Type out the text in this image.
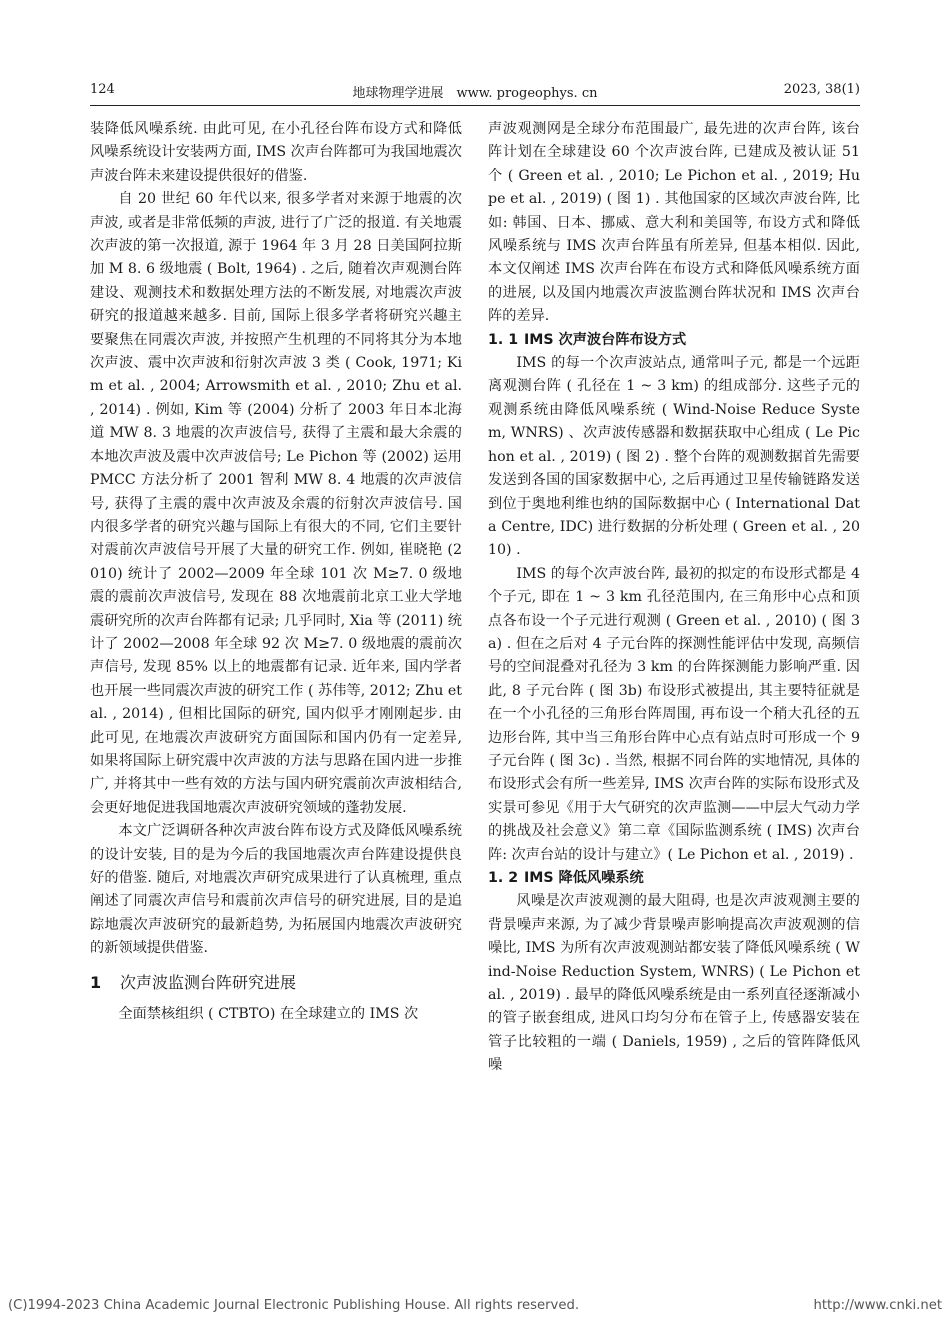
124	地球物理学进展　www. progeophys. cn	2023, 38(1)

装降低风噪系统. 由此可见, 在小孔径台阵布设方式和降低风噪系统设计安装两方面, IMS 次声台阵都可为我国地震次声波台阵未来建设提供很好的借鉴.

自 20 世纪 60 年代以来, 很多学者对来源于地震的次声波, 或者是非常低频的声波, 进行了广泛的报道. 有关地震次声波的第一次报道, 源于 1964 年 3 月 28 日美国阿拉斯加 M 8. 6 级地震 ( Bolt, 1964) . 之后, 随着次声观测台阵建设、观测技术和数据处理方法的不断发展, 对地震次声波研究的报道越来越多. 目前, 国际上很多学者将研究兴趣主要聚焦在同震次声波, 并按照产生机理的不同将其分为本地次声波、震中次声波和衍射次声波 3 类 ( Cook, 1971; Kim et al. , 2004; Arrowsmith et al. , 2010; Zhu et al. , 2014) . 例如, Kim 等 (2004) 分析了 2003 年日本北海道 MW 8. 3 地震的次声波信号, 获得了主震和最大余震的本地次声波及震中次声波信号; Le Pichon 等 (2002) 运用 PMCC 方法分析了 2001 智利 MW 8. 4 地震的次声波信号, 获得了主震的震中次声波及余震的衍射次声波信号. 国内很多学者的研究兴趣与国际上有很大的不同, 它们主要针对震前次声波信号开展了大量的研究工作. 例如, 崔晓艳 (2010) 统计了 2002—2009 年全球 101 次 M≥7. 0 级地震的震前次声波信号, 发现在 88 次地震前北京工业大学地震研究所的次声台阵都有记录; 几乎同时, Xia 等 (2011) 统计了 2002—2008 年全球 92 次 M≥7. 0 级地震的震前次声信号, 发现 85% 以上的地震都有记录. 近年来, 国内学者也开展一些同震次声波的研究工作 ( 苏伟等, 2012; Zhu et al. , 2014) , 但相比国际的研究, 国内似乎才刚刚起步. 由此可见, 在地震次声波研究方面国际和国内仍有一定差异, 如果将国际上研究震中次声波的方法与思路在国内进一步推广, 并将其中一些有效的方法与国内研究震前次声波相结合, 会更好地促进我国地震次声波研究领域的蓬勃发展.

本文广泛调研各种次声波台阵布设方式及降低风噪系统的设计安装, 目的是为今后的我国地震次声台阵建设提供良好的借鉴. 随后, 对地震次声研究成果进行了认真梳理, 重点阐述了同震次声信号和震前次声信号的研究进展, 目的是追踪地震次声波研究的最新趋势, 为拓展国内地震次声波研究的新领域提供借鉴.

1 次声波监测台阵研究进展

全面禁核组织 ( CTBTO) 在全球建立的 IMS 次

声波观测网是全球分布范围最广, 最先进的次声台阵, 该台阵计划在全球建设 60 个次声波台阵, 已建成及被认证 51 个 ( Green et al. , 2010; Le Pichon et al. , 2019; Hupe et al. , 2019) ( 图 1) . 其他国家的区域次声波台阵, 比如: 韩国、日本、挪威、意大利和美国等, 布设方式和降低风噪系统与 IMS 次声台阵虽有所差异, 但基本相似. 因此, 本文仅阐述 IMS 次声台阵在布设方式和降低风噪系统方面的进展, 以及国内地震次声波监测台阵状况和 IMS 次声台阵的差异.

1. 1 IMS 次声波台阵布设方式

IMS 的每一个次声波站点, 通常叫子元, 都是一个远距离观测台阵 ( 孔径在 1 ~ 3 km) 的组成部分. 这些子元的观测系统由降低风噪系统 ( Wind-Noise Reduce System, WNRS) 、次声波传感器和数据获取中心组成 ( Le Pichon et al. , 2019) ( 图 2) . 整个台阵的观测数据首先需要发送到各国的国家数据中心, 之后再通过卫星传输链路发送到位于奥地利维也纳的国际数据中心 ( International Data Centre, IDC) 进行数据的分析处理 ( Green et al. , 2010) .

IMS 的每个次声波台阵, 最初的拟定的布设形式都是 4 个子元, 即在 1 ~ 3 km 孔径范围内, 在三角形中心点和顶点各布设一个子元进行观测 ( Green et al. , 2010) ( 图 3a) . 但在之后对 4 子元台阵的探测性能评估中发现, 高频信号的空间混叠对孔径为 3 km 的台阵探测能力影响严重. 因此, 8 子元台阵 ( 图 3b) 布设形式被提出, 其主要特征就是在一个小孔径的三角形台阵周围, 再布设一个稍大孔径的五边形台阵, 其中当三角形台阵中心点有站点时可形成一个 9 子元台阵 ( 图 3c) . 当然, 根据不同台阵的实地情况, 具体的布设形式会有所一些差异, IMS 次声台阵的实际布设形式及实景可参见《用于大气研究的次声监测——中层大气动力学的挑战及社会意义》第二章《国际监测系统 ( IMS) 次声台阵: 次声台站的设计与建立》( Le Pichon et al. , 2019) .

1. 2 IMS 降低风噪系统

风噪是次声波观测的最大阻碍, 也是次声波观测主要的背景噪声来源, 为了减少背景噪声影响提高次声波观测的信噪比, IMS 为所有次声波观测站都安装了降低风噪系统 ( Wind-Noise Reduction System, WNRS) ( Le Pichon et al. , 2019) . 最早的降低风噪系统是由一系列直径逐渐减小的管子嵌套组成, 进风口均匀分布在管子上, 传感器安装在管子比较粗的一端 ( Daniels, 1959) , 之后的管阵降低风噪

(C)1994-2023 China Academic Journal Electronic Publishing House. All rights reserved.	http://www.cnki.net
